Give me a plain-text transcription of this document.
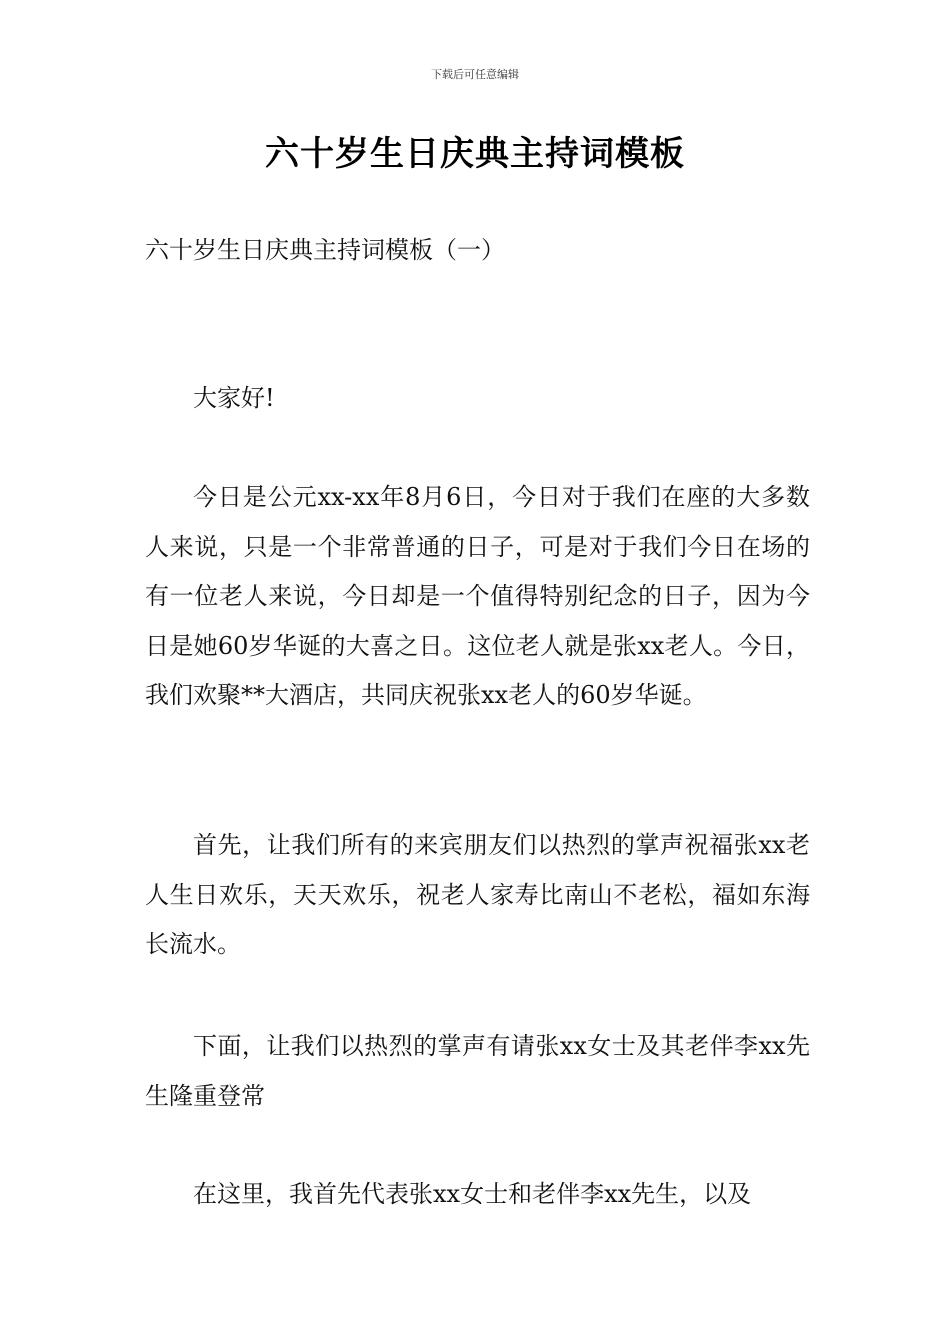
下载后可任意编辑
六十岁生日庆典主持词模板
六十岁生日庆典主持词模板（一）

大家好!

今日是公元xx-xx年8月6日，今日对于我们在座的大多数人来说，只是一个非常普通的日子，可是对于我们今日在场的有一位老人来说，今日却是一个值得特别纪念的日子，因为今日是她60岁华诞的大喜之日。这位老人就是张xx老人。今日，我们欢聚**大酒店，共同庆祝张xx老人的60岁华诞。

首先，让我们所有的来宾朋友们以热烈的掌声祝福张xx老人生日欢乐，天天欢乐，祝老人家寿比南山不老松，福如东海长流水。

下面，让我们以热烈的掌声有请张xx女士及其老伴李xx先生隆重登常

在这里，我首先代表张xx女士和老伴李xx先生，以及
